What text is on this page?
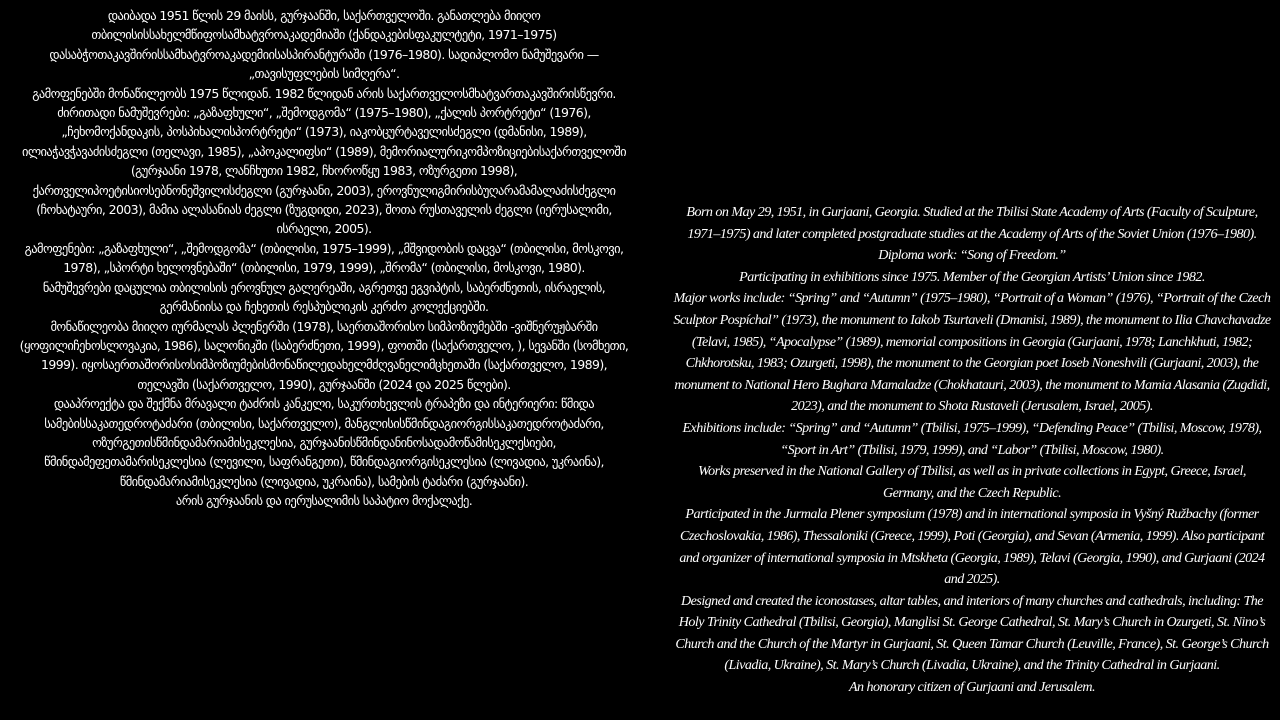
დაიბადა 1951 წლის 29 მაისს, გურჯაანში, საქართველოში. განათლება მიიღო თბილისისსახელმწიფოსამხატვროაკადემიაში (ქანდაკებისფაკულტეტი, 1971–1975) დასაბჭოთაკავშირისსამხატვროაკადემიისასპირანტურაში (1976–1980). სადიპლომო ნამუშევარი — „თავისუფლების სიმღერა“.

გამოფენებში მონაწილეობს 1975 წლიდან. 1982 წლიდან არის საქართველოსმხატვართაკავშირისწევრი.

ძირითადი ნამუშევრები: „გაზაფხული“, „შემოდგომა“ (1975–1980), „ქალის პორტრეტი“ (1976), „ჩეხომოქანდაკის, პოსპიხალისპორტრეტი“ (1973), იაკობცურტაველისძეგლი (დმანისი, 1989), ილიაჭავჭავაძისძეგლი (თელავი, 1985), „აპოკალიფსი“ (1989), მემორიალურიკომპოზიციებისაქართველოში (გურჯაანი 1978, ლანჩხუთი 1982, ჩხოროწყუ 1983, ოზურგეთი 1998), ქართველიპოეტისიოსებნონეშვილისძეგლი (გურჯაანი, 2003), ეროვნულიგმირისბუღარამამალაძისძეგლი (ჩოხატაური, 2003), მამია ალასანიას ძეგლი (ზუგდიდი, 2023), შოთა რუსთაველის ძეგლი (იერუსალიმი, ისრაელი, 2005).

გამოფენები: „გაზაფხული“, „შემოდგომა“ (თბილისი, 1975–1999), „მშვიდობის დაცვა“ (თბილისი, მოსკოვი, 1978), „სპორტი ხელოვნებაში“ (თბილისი, 1979, 1999), „შრომა“ (თბილისი, მოსკოვი, 1980).

ნამუშევრები დაცულია თბილისის ეროვნულ გალერეაში, აგრეთვე ეგვიპტის, საბერძნეთის, ისრაელის, გერმანიისა და ჩეხეთის რესპუბლიკის კერძო კოლექციებში.

მონაწილეობა მიიღო იურმალას პლენერში (1978), საერთაშორისო სიმპოზიუმებში -ვიშნერუჟბარში (ყოფილიჩეხოსლოვაკია, 1986), სალონიკში (საბერძნეთი, 1999), ფოთში (საქართველო, ), სევანში (სომხეთი, 1999). იყოსაერთაშორისოსიმპოზიუმებისმონაწილედახელმძღვანელიმცხეთაში (საქართველო, 1989), თელავში (საქართველო, 1990), გურჯაანში (2024 და 2025 წლები).

დააპროექტა და შექმნა მრავალი ტაძრის კანკელი, საკურთხევლის ტრაპეზი და ინტერიერი: წმიდა სამებისსაკათედროტაძარი (თბილისი, საქართველო), მანგლისისწმინდაგიორგისსაკათედროტაძარი, ოზურგეთისწმინდამარიამისეკლესია, გურჯაანისწმინდანინოსადამოწამისეკლესიები, წმინდამეფეთამარისეკლესია (ლევილი, საფრანგეთი), წმინდაგიორგისეკლესია (ლივადია, უკრაინა), წმინდამარიამისეკლესია (ლივადია, უკრაინა), სამების ტაძარი (გურჯაანი).

არის გურჯაანის და იერუსალიმის საპატიო მოქალაქე.

Born on May 29, 1951, in Gurjaani, Georgia. Studied at the Tbilisi State Academy of Arts (Faculty of Sculpture, 1971–1975) and later completed postgraduate studies at the Academy of Arts of the Soviet Union (1976–1980). Diploma work: “Song of Freedom.”

Participating in exhibitions since 1975. Member of the Georgian Artists’ Union since 1982.

Major works include: “Spring” and “Autumn” (1975–1980), “Portrait of a Woman” (1976), “Portrait of the Czech Sculptor Pospíchal” (1973), the monument to Iakob Tsurtaveli (Dmanisi, 1989), the monument to Ilia Chavchavadze (Telavi, 1985), “Apocalypse” (1989), memorial compositions in Georgia (Gurjaani, 1978; Lanchkhuti, 1982; Chkhorotsku, 1983; Ozurgeti, 1998), the monument to the Georgian poet Ioseb Noneshvili (Gurjaani, 2003), the monument to National Hero Bughara Mamaladze (Chokhatauri, 2003), the monument to Mamia Alasania (Zugdidi, 2023), and the monument to Shota Rustaveli (Jerusalem, Israel, 2005).

Exhibitions include: “Spring” and “Autumn” (Tbilisi, 1975–1999), “Defending Peace” (Tbilisi, Moscow, 1978), “Sport in Art” (Tbilisi, 1979, 1999), and “Labor” (Tbilisi, Moscow, 1980).

Works preserved in the National Gallery of Tbilisi, as well as in private collections in Egypt, Greece, Israel, Germany, and the Czech Republic.

Participated in the Jurmala Plener symposium (1978) and in international symposia in Vyšný Ružbachy (former Czechoslovakia, 1986), Thessaloniki (Greece, 1999), Poti (Georgia), and Sevan (Armenia, 1999). Also participant and organizer of international symposia in Mtskheta (Georgia, 1989), Telavi (Georgia, 1990), and Gurjaani (2024 and 2025).

Designed and created the iconostases, altar tables, and interiors of many churches and cathedrals, including: The Holy Trinity Cathedral (Tbilisi, Georgia), Manglisi St. George Cathedral, St. Mary’s Church in Ozurgeti, St. Nino’s Church and the Church of the Martyr in Gurjaani, St. Queen Tamar Church (Leuville, France), St. George’s Church (Livadia, Ukraine), St. Mary’s Church (Livadia, Ukraine), and the Trinity Cathedral in Gurjaani.

An honorary citizen of Gurjaani and Jerusalem.
